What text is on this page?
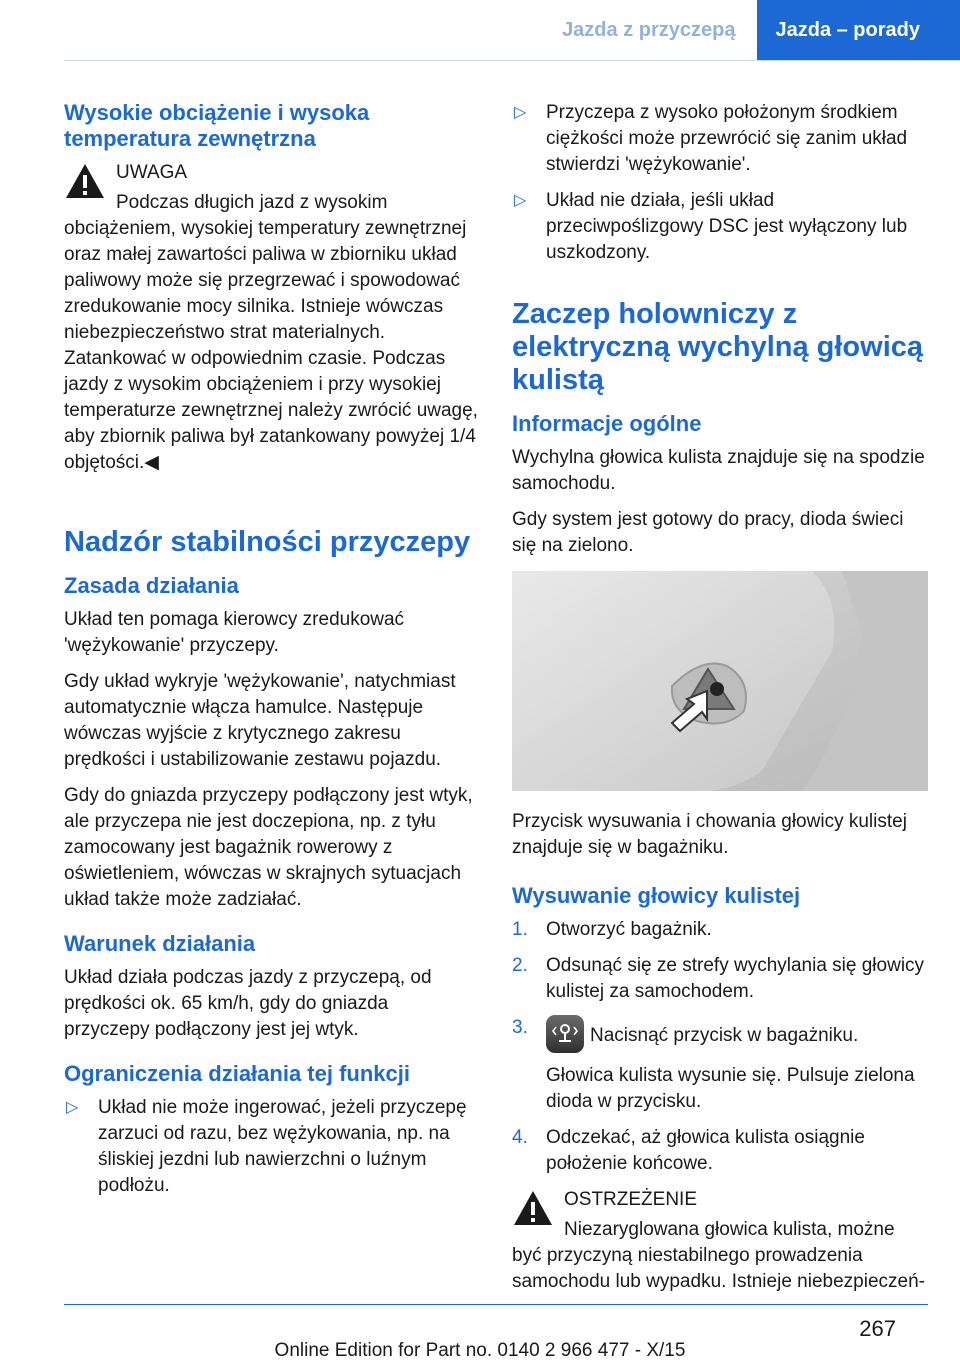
Jazda z przyczepą	Jazda – porady
Wysokie obciążenie i wysoka temperatura zewnętrzna
UWAGA

Podczas długich jazd z wysokim obciążeniem, wysokiej temperatury zewnętrznej oraz małej zawartości paliwa w zbiorniku układ paliwowy może się przegrzewać i spowodować zredukowanie mocy silnika. Istnieje wówczas niebezpieczeństwo strat materialnych. Zatankować w odpowiednim czasie. Podczas jazdy z wysokim obciążeniem i przy wysokiej temperaturze zewnętrznej należy zwrócić uwagę, aby zbiornik paliwa był zatankowany powyżej 1/4 objętości.◀

Nadzór stabilności przyczepy
Zasada działania

Układ ten pomaga kierowcy zredukować 'wężykowanie' przyczepy.

Gdy układ wykryje 'wężykowanie', natychmiast automatycznie włącza hamulce. Następuje wówczas wyjście z krytycznego zakresu prędkości i ustabilizowanie zestawu pojazdu.

Gdy do gniazda przyczepy podłączony jest wtyk, ale przyczepa nie jest doczepiona, np. z tyłu zamocowany jest bagażnik rowerowy z oświetleniem, wówczas w skrajnych sytuacjach układ także może zadziałać.

Warunek działania

Układ działa podczas jazdy z przyczepą, od prędkości ok. 65 km/h, gdy do gniazda przyczepy podłączony jest jej wtyk.

Ograniczenia działania tej funkcji
▷ Układ nie może ingerować, jeżeli przyczepę zarzuci od razu, bez wężykowania, np. na śliskiej jezdni lub nawierzchni o luźnym podłożu.
▷ Przyczepa z wysoko położonym środkiem ciężkości może przewrócić się zanim układ stwierdzi 'wężykowanie'.
▷ Układ nie działa, jeśli układ przeciwpoślizgowy DSC jest wyłączony lub uszkodzony.
Zaczep holowniczy z elektryczną wychylną głowicą kulistą
Informacje ogólne

Wychylna głowica kulista znajduje się na spodzie samochodu.

Gdy system jest gotowy do pracy, dioda świeci się na zielono.

Przycisk wysuwania i chowania głowicy kulistej znajduje się w bagażniku.

Wysuwanie głowicy kulistej
1. Otworzyć bagażnik.
2. Odsunąć się ze strefy wychylania się głowicy kulistej za samochodem.
3.	Nacisnąć przycisk w bagażniku.
Głowica kulista wysunie się. Pulsuje zielona dioda w przycisku.
4. Odczekać, aż głowica kulista osiągnie położenie końcowe.
OSTRZEŻENIE

Niezaryglowana głowica kulista, możne być przyczyną niestabilnego prowadzenia samochodu lub wypadku. Istnieje niebezpieczeń-

267
Online Edition for Part no. 0140 2 966 477 - X/15
